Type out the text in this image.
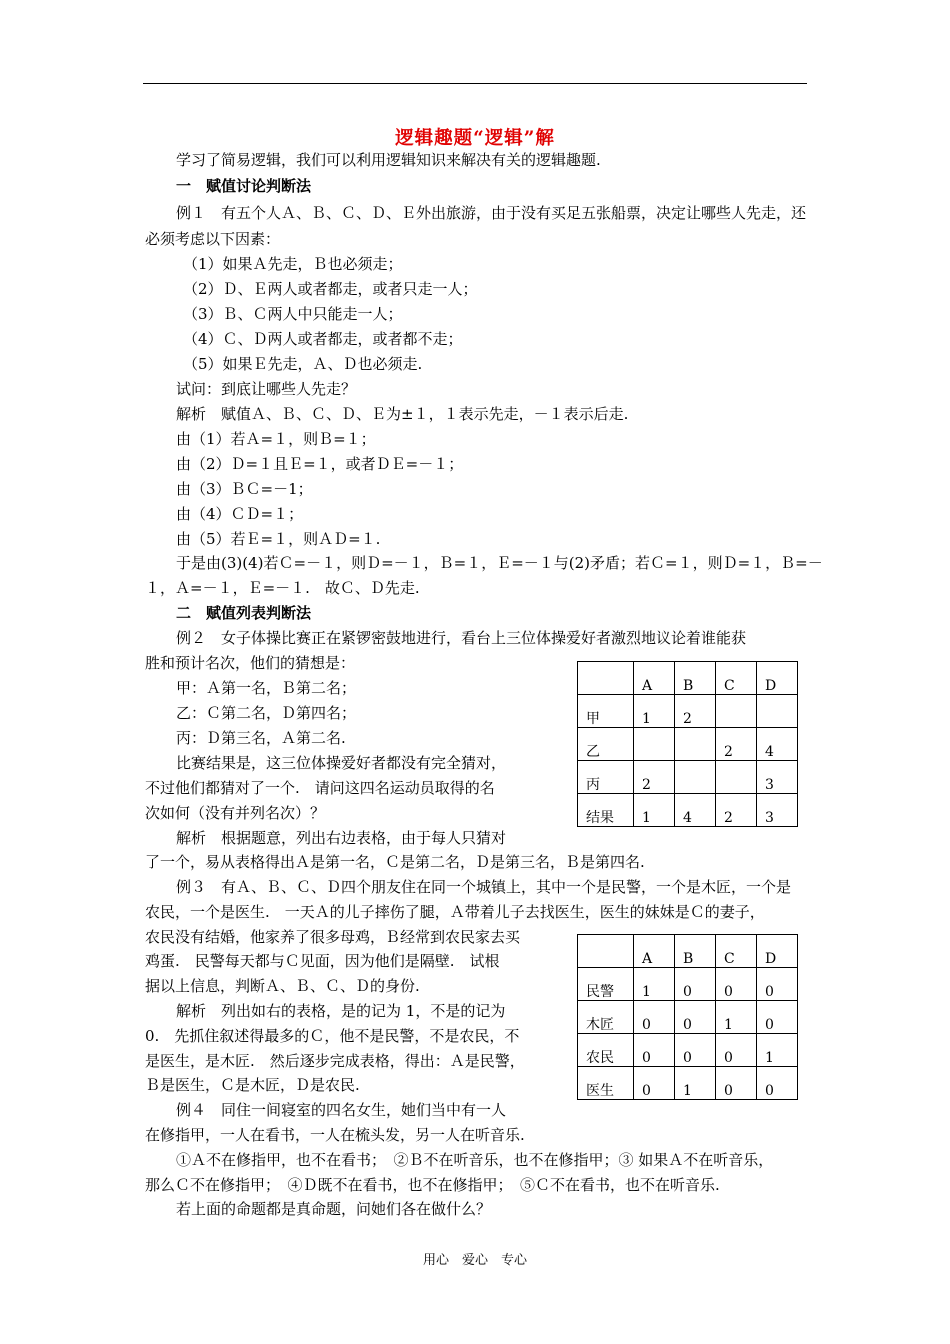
逻辑趣题“逻辑”解
学习了简易逻辑，我们可以利用逻辑知识来解决有关的逻辑趣题.
一　赋值讨论判断法
例１　有五个人Ａ、Ｂ、Ｃ、Ｄ、Ｅ外出旅游，由于没有买足五张船票，决定让哪些人先走，还
必须考虑以下因素：
（1）如果Ａ先走，Ｂ也必须走；
（2）Ｄ、Ｅ两人或者都走，或者只走一人；
（3）Ｂ、Ｃ两人中只能走一人；
（4）Ｃ、Ｄ两人或者都走，或者都不走；
（5）如果Ｅ先走，Ａ、Ｄ也必须走.
试问：到底让哪些人先走？
解析　赋值Ａ、Ｂ、Ｃ、Ｄ、Ｅ为±１，１表示先走，－１表示后走.
由（1）若Ａ=１，则Ｂ=１；
由（2）Ｄ=１且Ｅ=１，或者ＤＥ=－１；
由（3）ＢＣ=－1；
由（4）ＣＤ=１；
由（5）若Ｅ=１，则ＡＤ=１.
于是由(3)(4)若Ｃ=－１，则Ｄ=－１，Ｂ=１，Ｅ=－１与(2)矛盾；若Ｃ=１，则Ｄ=１，Ｂ=－
１，Ａ=－１，Ｅ=－１.　故Ｃ、Ｄ先走.
二　赋值列表判断法
例２　女子体操比赛正在紧锣密鼓地进行，看台上三位体操爱好者激烈地议论着谁能获
胜和预计名次，他们的猜想是：
甲：Ａ第一名，Ｂ第二名；
乙：Ｃ第二名，Ｄ第四名；
丙：Ｄ第三名，Ａ第二名.
比赛结果是，这三位体操爱好者都没有完全猜对，
不过他们都猜对了一个.　请问这四名运动员取得的名
次如何（没有并列名次）？
解析　根据题意，列出右边表格，由于每人只猜对
了一个，易从表格得出Ａ是第一名，Ｃ是第二名，Ｄ是第三名，Ｂ是第四名.
	A	B	C	D
甲	1	2		
乙			2	4
丙	2			3
结果	1	4	2	3
例３　有Ａ、Ｂ、Ｃ、Ｄ四个朋友住在同一个城镇上，其中一个是民警，一个是木匠，一个是
农民，一个是医生.　一天Ａ的儿子摔伤了腿，Ａ带着儿子去找医生，医生的妹妹是Ｃ的妻子，
农民没有结婚，他家养了很多母鸡，Ｂ经常到农民家去买
鸡蛋.　民警每天都与Ｃ见面，因为他们是隔壁.　试根
据以上信息，判断Ａ、Ｂ、Ｃ、Ｄ的身份.
解析　列出如右的表格，是的记为 1，不是的记为
0.　先抓住叙述得最多的Ｃ，他不是民警，不是农民，不
是医生，是木匠.　然后逐步完成表格，得出：Ａ是民警，
Ｂ是医生，Ｃ是木匠，Ｄ是农民.
	A	B	C	D
民警	1	0	0	0
木匠	0	0	1	0
农民	0	0	0	1
医生	0	1	0	0
例４　同住一间寝室的四名女生，她们当中有一人
在修指甲，一人在看书，一人在梳头发，另一人在听音乐.
①Ａ不在修指甲，也不在看书；　②Ｂ不在听音乐，也不在修指甲；③ 如果Ａ不在听音乐，
那么Ｃ不在修指甲；　④Ｄ既不在看书，也不在修指甲；　⑤Ｃ不在看书，也不在听音乐.
若上面的命题都是真命题，问她们各在做什么？
用心　爱心　专心
